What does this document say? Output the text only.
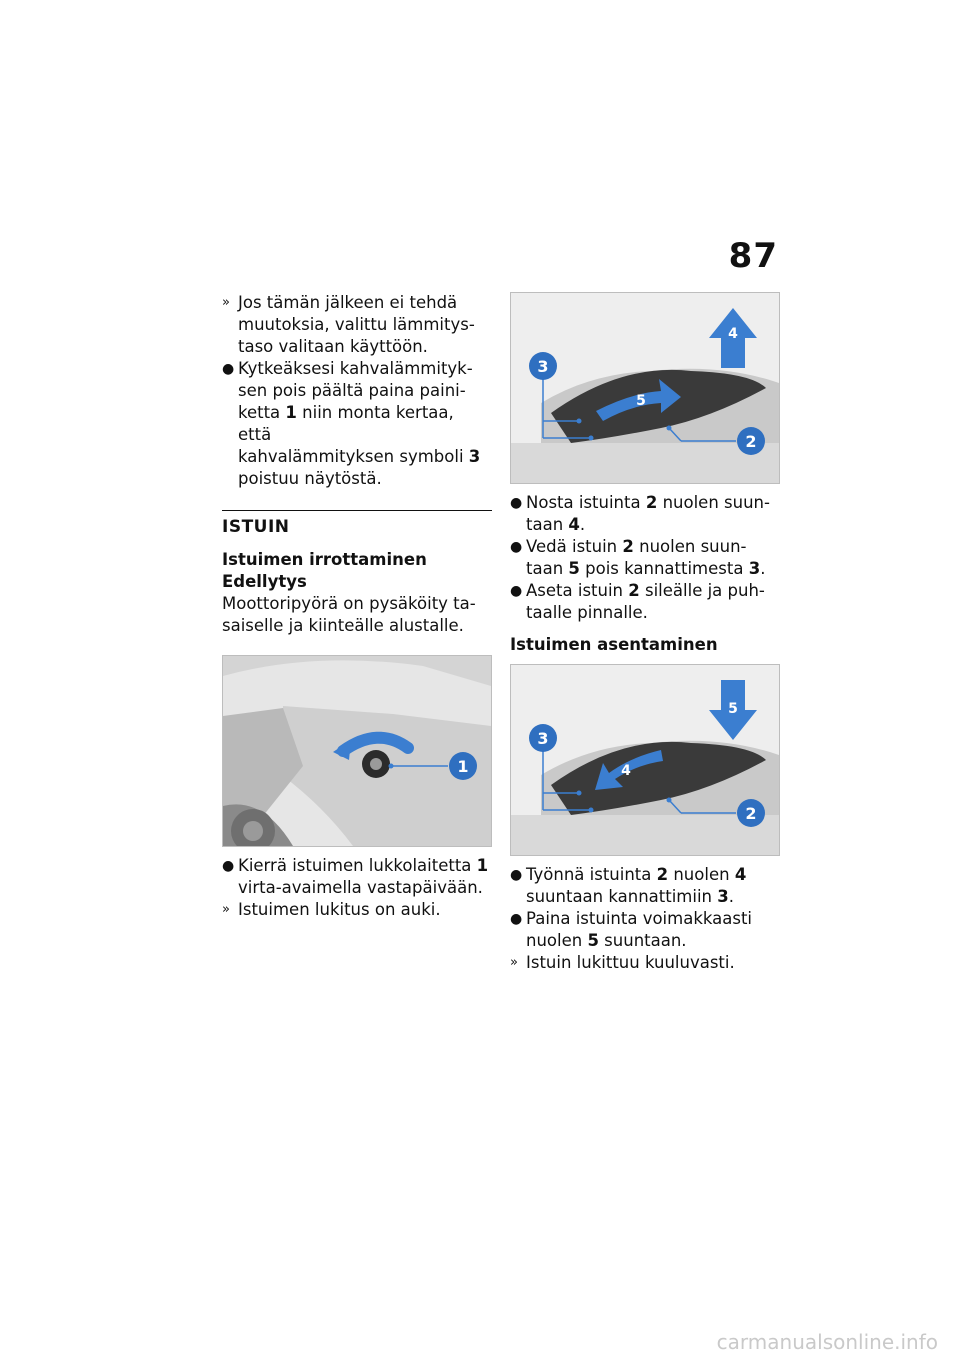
87
» Jos tämän jälkeen ei tehdä
muutoksia, valittu lämmitys-
taso valitaan käyttöön.
● Kytkeäksesi kahvalämmityk-
sen pois päältä paina paini-
ketta 1 niin monta kertaa, että
kahvalämmityksen symboli 3
poistuu näytöstä.
ISTUIN
Istuimen irrottaminen
Edellytys
Moottoripyörä on pysäköity ta-
saiselle ja kiinteälle alustalle.
1
● Kierrä istuimen lukkolaitetta 1
virta-avaimella vastapäivään.
» Istuimen lukitus on auki.
3
4
5
2
● Nosta istuinta 2 nuolen suun-
taan 4.
● Vedä istuin 2 nuolen suun-
taan 5 pois kannattimesta 3.
● Aseta istuin 2 sileälle ja puh-
taalle pinnalle.
Istuimen asentaminen
3
5
4
2
● Työnnä istuinta 2 nuolen 4
suuntaan kannattimiin 3.
● Paina istuinta voimakkaasti
nuolen 5 suuntaan.
» Istuin lukittuu kuuluvasti.
carmanualsonline.info
